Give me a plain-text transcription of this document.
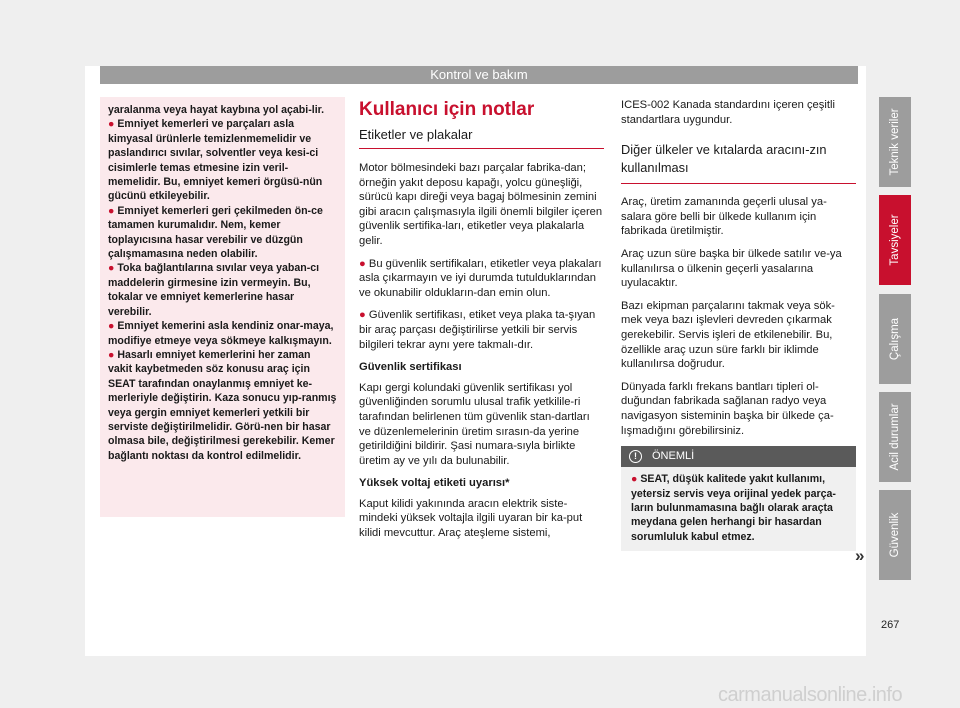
Kontrol ve bakım

yaralanma veya hayat kaybına yol açabi-lir.

● Emniyet kemerleri ve parçaları asla kimyasal ürünlerle temizlenmemelidir ve paslandırıcı sıvılar, solventler veya kesi-ci cisimlerle temas etmesine izin veril-memelidir. Bu, emniyet kemeri örgüsü-nün gücünü etkileyebilir.

● Emniyet kemerleri geri çekilmeden ön-ce tamamen kurumalıdır. Nem, kemer toplayıcısına hasar verebilir ve düzgün çalışmamasına neden olabilir.

● Toka bağlantılarına sıvılar veya yaban-cı maddelerin girmesine izin vermeyin. Bu, tokalar ve emniyet kemerlerine hasar verebilir.

● Emniyet kemerini asla kendiniz onar-maya, modifiye etmeye veya sökmeye kalkışmayın.

● Hasarlı emniyet kemerlerini her zaman vakit kaybetmeden söz konusu araç için SEAT tarafından onaylanmış emniyet ke-merleriyle değiştirin. Kaza sonucu yıp-ranmış veya gergin emniyet kemerleri yetkili bir serviste değiştirilmelidir. Görü-nen bir hasar olmasa bile, değiştirilmesi gerekebilir. Kemer bağlantı noktası da kontrol edilmelidir.

Kullanıcı için notlar
Etiketler ve plakalar

Motor bölmesindeki bazı parçalar fabrika-dan; örneğin yakıt deposu kapağı, yolcu güneşliği, sürücü kapı direği veya bagaj bölmesinin zemini gibi aracın çalışmasıyla ilgili önemli bilgiler içeren güvenlik sertifika-ları, etiketler veya plakalarla gelir.

● Bu güvenlik sertifikaları, etiketler veya plakaları asla çıkarmayın ve iyi durumda tutulduklarından ve okunabilir oldukların-dan emin olun.

● Güvenlik sertifikası, etiket veya plaka ta-şıyan bir araç parçası değiştirilirse yetkili bir servis bilgileri tekrar aynı yere takmalı-dır.

Güvenlik sertifikası

Kapı gergi kolundaki güvenlik sertifikası yol güvenliğinden sorumlu ulusal trafik yetkilile-ri tarafından belirlenen tüm güvenlik stan-dartları ve düzenlemelerinin üretim sırasın-da yerine getirildiğini bildirir. Şasi numara-sıyla birlikte üretim ay ve yılı da bulunabilir.

Yüksek voltaj etiketi uyarısı*

Kaput kilidi yakınında aracın elektrik siste-mindeki yüksek voltajla ilgili uyaran bir ka-put kilidi mevcuttur. Araç ateşleme sistemi,

ICES-002 Kanada standardını içeren çeşitli standartlara uygundur.

Diğer ülkeler ve kıtalarda aracını-zın kullanılması

Araç, üretim zamanında geçerli ulusal ya-salara göre belli bir ülkede kullanım için fabrikada üretilmiştir.

Araç uzun süre başka bir ülkede satılır ve-ya kullanılırsa o ülkenin geçerli yasalarına uyulacaktır.

Bazı ekipman parçalarını takmak veya sök-mek veya bazı işlevleri devreden çıkarmak gerekebilir. Servis işleri de etkilenebilir. Bu, özellikle araç uzun süre farklı bir iklimde kullanılırsa doğrudur.

Dünyada farklı frekans bantları tipleri ol-duğundan fabrikada sağlanan radyo veya navigasyon sisteminin başka bir ülkede ça-lışmadığını görebilirsiniz.

!	ÖNEMLİ
● SEAT, düşük kalitede yakıt kullanımı, yetersiz servis veya orijinal yedek parça-ların bulunmamasına bağlı olarak araçta meydana gelen herhangi bir hasardan sorumluluk kabul etmez.
»
Teknik veriler
Tavsiyeler
Çalışma
Acil durumlar
Güvenlik
267
carmanualsonline.info
